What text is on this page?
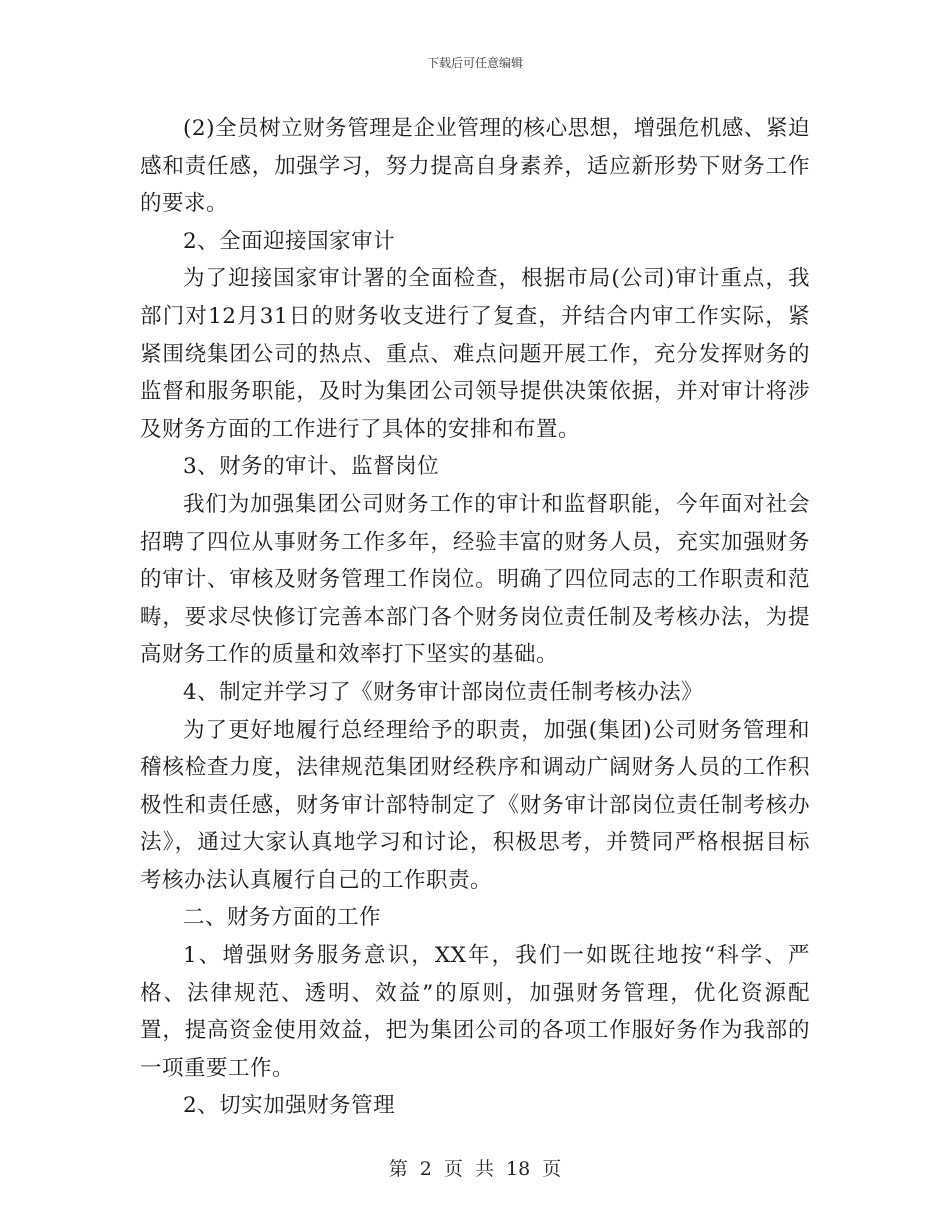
下载后可任意编辑

(2)全员树立财务管理是企业管理的核心思想，增强危机感、紧迫感和责任感，加强学习，努力提高自身素养，适应新形势下财务工作的要求。

2、全面迎接国家审计

为了迎接国家审计署的全面检查，根据市局(公司)审计重点，我部门对12月31日的财务收支进行了复查，并结合内审工作实际，紧紧围绕集团公司的热点、重点、难点问题开展工作，充分发挥财务的监督和服务职能，及时为集团公司领导提供决策依据，并对审计将涉及财务方面的工作进行了具体的安排和布置。

3、财务的审计、监督岗位

我们为加强集团公司财务工作的审计和监督职能，今年面对社会招聘了四位从事财务工作多年，经验丰富的财务人员，充实加强财务的审计、审核及财务管理工作岗位。明确了四位同志的工作职责和范畴，要求尽快修订完善本部门各个财务岗位责任制及考核办法，为提高财务工作的质量和效率打下坚实的基础。

4、制定并学习了《财务审计部岗位责任制考核办法》

为了更好地履行总经理给予的职责，加强(集团)公司财务管理和稽核检查力度，法律规范集团财经秩序和调动广阔财务人员的工作积极性和责任感，财务审计部特制定了《财务审计部岗位责任制考核办法》，通过大家认真地学习和讨论，积极思考，并赞同严格根据目标考核办法认真履行自己的工作职责。

二、财务方面的工作

1、增强财务服务意识，XX年，我们一如既往地按“科学、严格、法律规范、透明、效益”的原则，加强财务管理，优化资源配置，提高资金使用效益，把为集团公司的各项工作服好务作为我部的一项重要工作。

2、切实加强财务管理

第 2 页 共 18 页
